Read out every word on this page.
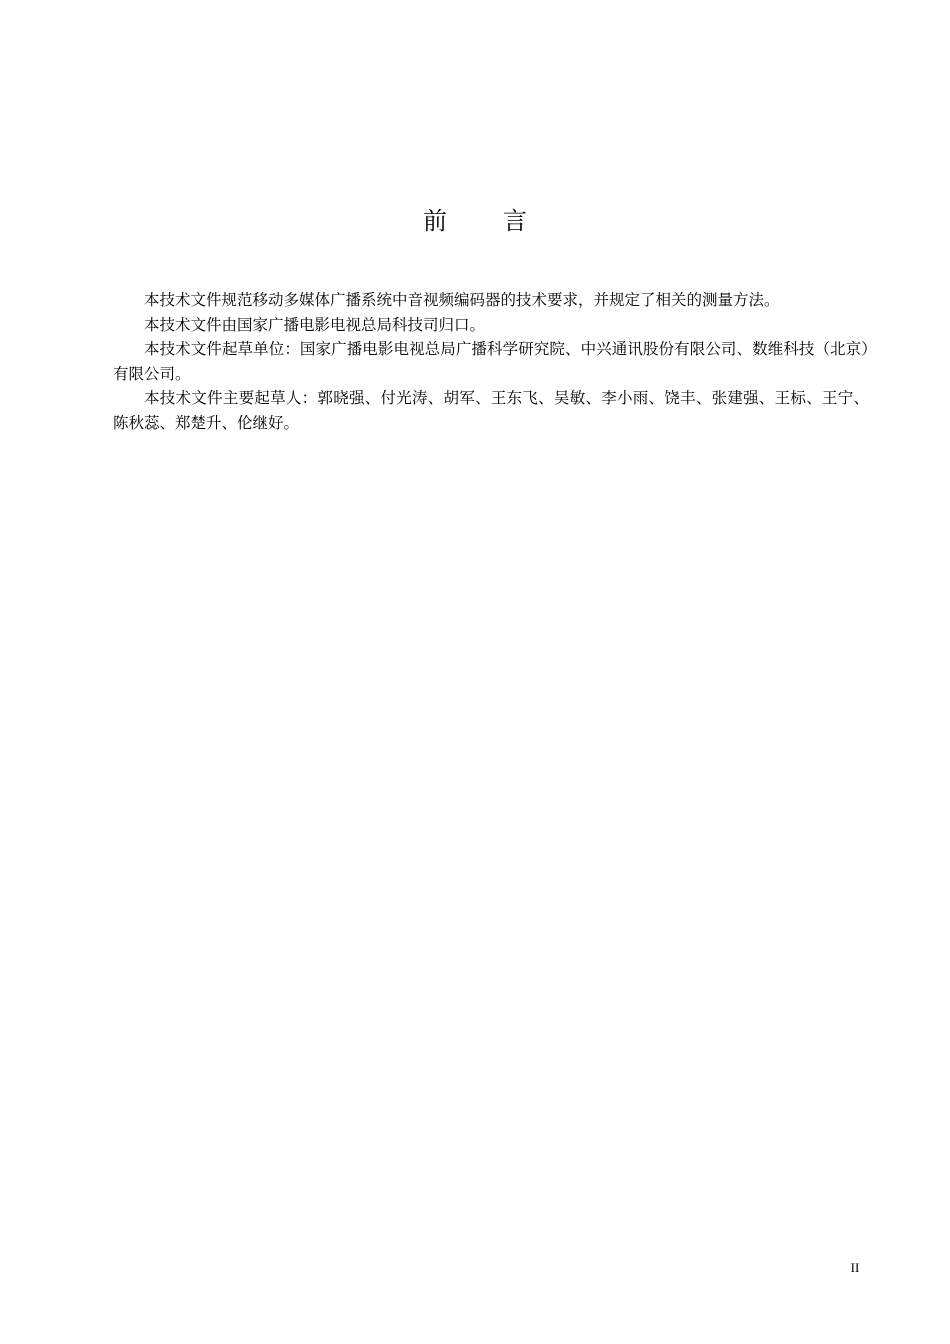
前 言

本技术文件规范移动多媒体广播系统中音视频编码器的技术要求，并规定了相关的测量方法。

本技术文件由国家广播电影电视总局科技司归口。

本技术文件起草单位：国家广播电影电视总局广播科学研究院、中兴通讯股份有限公司、数维科技（北京）有限公司。

本技术文件主要起草人：郭晓强、付光涛、胡军、王东飞、吴敏、李小雨、饶丰、张建强、王标、王宁、陈秋蕊、郑楚升、伦继好。

II
